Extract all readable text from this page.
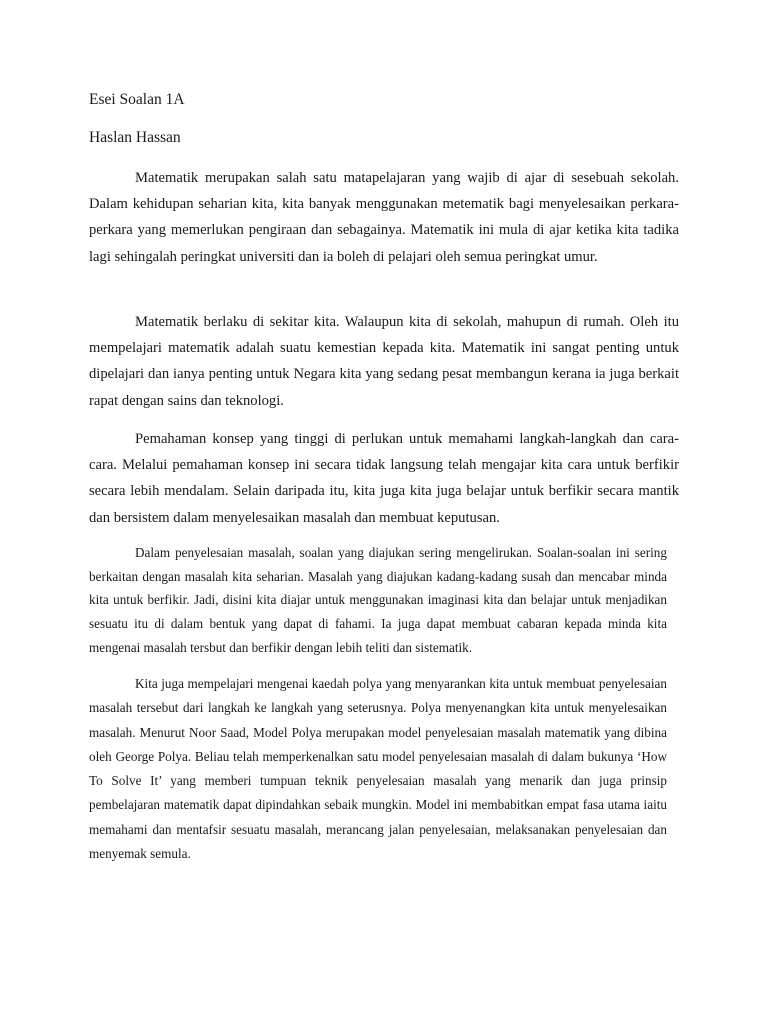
Esei Soalan 1A

Haslan Hassan

Matematik merupakan salah satu matapelajaran yang wajib di ajar di sesebuah sekolah. Dalam kehidupan seharian kita, kita banyak menggunakan metematik bagi menyelesaikan perkara-perkara yang memerlukan pengiraan dan sebagainya. Matematik ini mula di ajar ketika kita tadika lagi sehingalah peringkat universiti dan ia boleh di pelajari oleh semua peringkat umur.

Matematik berlaku di sekitar kita. Walaupun kita di sekolah, mahupun di rumah. Oleh itu mempelajari matematik adalah suatu kemestian kepada kita. Matematik ini sangat penting untuk dipelajari dan ianya penting untuk Negara kita yang sedang pesat membangun kerana ia juga berkait rapat dengan sains dan teknologi.

Pemahaman konsep yang tinggi di perlukan untuk memahami langkah-langkah dan cara-cara. Melalui pemahaman konsep ini secara tidak langsung telah mengajar kita cara untuk berfikir secara lebih mendalam. Selain daripada itu, kita juga kita juga belajar untuk berfikir secara mantik dan bersistem dalam menyelesaikan masalah dan membuat keputusan.

Dalam penyelesaian masalah, soalan yang diajukan sering mengelirukan. Soalan-soalan ini sering berkaitan dengan masalah kita seharian. Masalah yang diajukan kadang-kadang susah dan mencabar minda kita untuk berfikir. Jadi, disini kita diajar untuk menggunakan imaginasi kita dan belajar untuk menjadikan sesuatu itu di dalam bentuk yang dapat di fahami. Ia juga dapat membuat cabaran kepada minda kita mengenai masalah tersbut dan berfikir dengan lebih teliti dan sistematik.

Kita juga mempelajari mengenai kaedah polya yang menyarankan kita untuk membuat penyelesaian masalah tersebut dari langkah ke langkah yang seterusnya. Polya menyenangkan kita untuk menyelesaikan masalah. Menurut Noor Saad, Model Polya merupakan model penyelesaian masalah matematik yang dibina oleh George Polya. Beliau telah memperkenalkan satu model penyelesaian masalah di dalam bukunya ‘How To Solve It’ yang memberi tumpuan teknik penyelesaian masalah yang menarik dan juga prinsip pembelajaran matematik dapat dipindahkan sebaik mungkin. Model ini membabitkan empat fasa utama iaitu memahami dan mentafsir sesuatu masalah, merancang jalan penyelesaian, melaksanakan penyelesaian dan menyemak semula.
